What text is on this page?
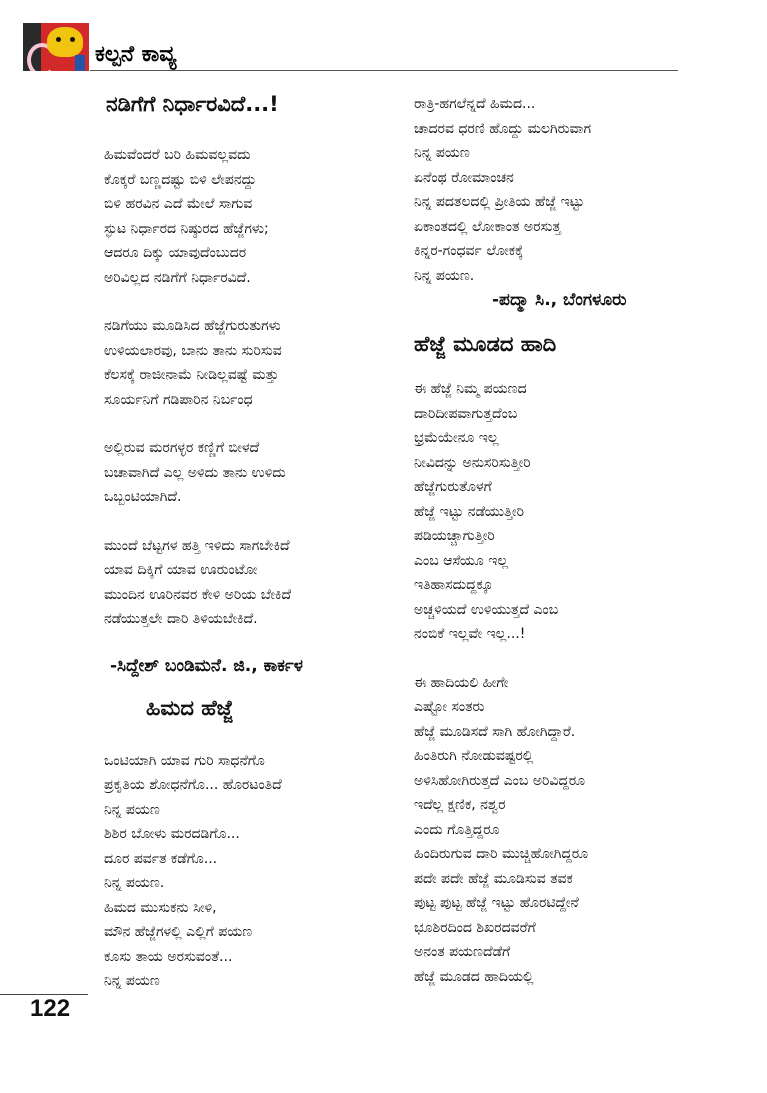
ಕಲ್ಪನೆ ಕಾವ್ಯ
ನಡಿಗೆಗೆ ನಿರ್ಧಾರವಿದೆ...!

ಹಿಮವೆಂದರೆ ಬರಿ ಹಿಮವಲ್ಲವದು

ಕೊಕ್ಕರೆ ಬಣ್ಣದಷ್ಟು ಬಿಳಿ ಲೇಪನದ್ದು

ಬಿಳಿ ಹರವಿನ ಎದೆ ಮೇಲೆ ಸಾಗುವ

ಸ್ಫುಟ ನಿರ್ಧಾರದ ನಿಷ್ಠುರದ ಹೆಜ್ಜೆಗಳು;

ಆದರೂ ದಿಕ್ಕು ಯಾವುದೆಂಬುದರ

ಅರಿವಿಲ್ಲದ ನಡಿಗೆಗೆ ನಿರ್ಧಾರವಿದೆ.

ನಡಿಗೆಯು ಮೂಡಿಸಿದ ಹೆಜ್ಜೆಗುರುತುಗಳು

ಉಳಿಯಲಾರವು, ಬಾನು ತಾನು ಸುರಿಸುವ

ಕೆಲಸಕ್ಕೆ ರಾಜೀನಾಮೆ ನೀಡಿಲ್ಲವಷ್ಟೆ ಮತ್ತು

ಸೂರ್ಯನಿಗೆ ಗಡಿಪಾರಿನ ನಿರ್ಬಂಧ

ಅಲ್ಲಿರುವ ಮರಗಳ್ಳರ ಕಣ್ಣಿಗೆ ಬೀಳದೆ

ಬಚಾವಾಗಿದೆ ಎಲ್ಲ ಅಳಿದು ತಾನು ಉಳಿದು

ಒಬ್ಬಂಟಿಯಾಗಿದೆ.

ಮುಂದೆ ಬೆಟ್ಟಗಳ ಹತ್ತಿ ಇಳಿದು ಸಾಗಬೇಕಿದೆ

ಯಾವ ದಿಕ್ಕಿಗೆ ಯಾವ ಊರುಂಟೋ

ಮುಂದಿನ ಊರಿನವರ ಕೇಳಿ ಅರಿಯ ಬೇಕಿದೆ

ನಡೆಯುತ್ತಲೇ ದಾರಿ ತಿಳಿಯಬೇಕಿದೆ.

-ಸಿದ್ದೇಶ್ ಬಂಡಿಮನೆ. ಜಿ., ಕಾರ್ಕಳ

ಹಿಮದ ಹೆಜ್ಜೆ

ಒಂಟಿಯಾಗಿ ಯಾವ ಗುರಿ ಸಾಧನೆಗೊ

ಪ್ರಕೃತಿಯ ಶೋಧನೆಗೊ... ಹೊರಟಂತಿದೆ

ನಿನ್ನ ಪಯಣ

ಶಿಶಿರ ಬೋಳು ಮರದಡಿಗೊ...

ದೂರ ಪರ್ವತ ಕಡೆಗೊ...

ನಿನ್ನ ಪಯಣ.

ಹಿಮದ ಮುಸುಕನು ಸೀಳಿ,

ಮೌನ ಹೆಜ್ಜೆಗಳಲ್ಲಿ ಎಲ್ಲಿಗೆ ಪಯಣ

ಕೂಸು ತಾಯ ಅರಸುವಂತೆ...

ನಿನ್ನ ಪಯಣ

ರಾತ್ರಿ-ಹಗಲೆನ್ನದೆ ಹಿಮದ...

ಚಾದರವ ಧರಣಿ ಹೊದ್ದು ಮಲಗಿರುವಾಗ

ನಿನ್ನ ಪಯಣ

ಏನೆಂಥ ರೋಮಾಂಚನ

ನಿನ್ನ ಪದತಲದಲ್ಲಿ ಪ್ರೀತಿಯ ಹೆಜ್ಜೆ ಇಟ್ಟು

ಏಕಾಂತದಲ್ಲಿ ಲೋಕಾಂತ ಅರಸುತ್ತ

ಕಿನ್ನರ-ಗಂಧರ್ವ ಲೋಕಕ್ಕೆ

ನಿನ್ನ ಪಯಣ.

-ಪದ್ಮಾ ಸಿ., ಬೆಂಗಳೂರು

ಹೆಜ್ಜೆ ಮೂಡದ ಹಾದಿ

ಈ ಹೆಜ್ಜೆ ನಿಮ್ಮ ಪಯಣದ

ದಾರಿದೀಪವಾಗುತ್ತದೆಂಬ

ಭ್ರಮೆಯೇನೂ ಇಲ್ಲ

ನೀವಿದನ್ನು ಅನುಸರಿಸುತ್ತೀರಿ

ಹೆಜ್ಜೆಗುರುತೊಳಗೆ

ಹೆಜ್ಜೆ ಇಟ್ಟು ನಡೆಯುತ್ತೀರಿ

ಪಡಿಯಚ್ಚಾಗುತ್ತೀರಿ

ಎಂಬ ಆಸೆಯೂ ಇಲ್ಲ

ಇತಿಹಾಸದುದ್ದಕ್ಕೂ

ಅಚ್ಚಳಿಯದೆ ಉಳಿಯುತ್ತದೆ ಎಂಬ

ನಂಬಿಕೆ ಇಲ್ಲವೇ ಇಲ್ಲ...!

ಈ ಹಾದಿಯಲಿ ಹೀಗೇ

ಎಷ್ಟೋ ಸಂತರು

ಹೆಜ್ಜೆ ಮೂಡಿಸದೆ ಸಾಗಿ ಹೋಗಿದ್ದಾರೆ.

ಹಿಂತಿರುಗಿ ನೋಡುವಷ್ಟರಲ್ಲಿ

ಅಳಿಸಿಹೋಗಿರುತ್ತದೆ ಎಂಬ ಅರಿವಿದ್ದರೂ

ಇದೆಲ್ಲ ಕ್ಷಣಿಕ, ನಶ್ವರ

ಎಂದು ಗೊತ್ತಿದ್ದರೂ

ಹಿಂದಿರುಗುವ ದಾರಿ ಮುಚ್ಚಿಹೋಗಿದ್ದರೂ

ಪದೇ ಪದೇ ಹೆಜ್ಜೆ ಮೂಡಿಸುವ ತವಕ

ಪುಟ್ಟ ಪುಟ್ಟ ಹೆಜ್ಜೆ ಇಟ್ಟು ಹೊರಟಿದ್ದೇನೆ

ಭೂಶಿರದಿಂದ ಶಿಖರದವರೆಗೆ

ಅನಂತ ಪಯಣದೆಡೆಗೆ

ಹೆಜ್ಜೆ ಮೂಡದ ಹಾದಿಯಲ್ಲಿ

122
